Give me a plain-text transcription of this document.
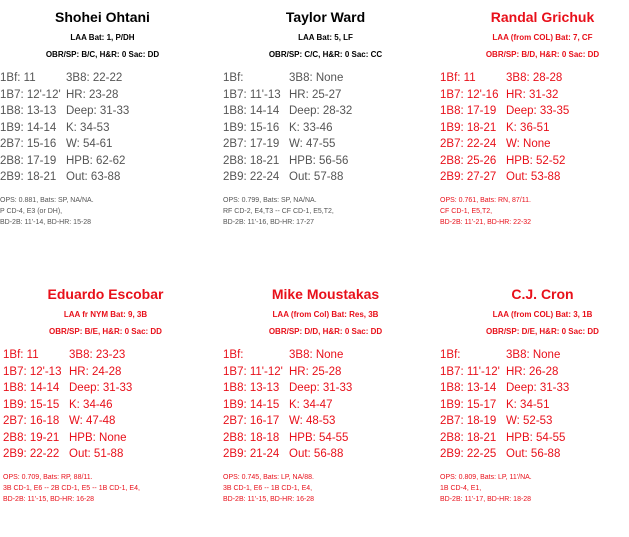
Shohei Ohtani
LAA Bat: 1, P/DH
OBR/SP: B/C, H&R: 0 Sac: DD
1Bf: 11	3B8: 22-22
1B7: 12'-12' HR: 23-28
1B8: 13-13 Deep: 31-33
1B9: 14-14 K: 34-53
2B7: 15-16 W: 54-61
2B8: 17-19 HPB: 62-62
2B9: 18-21 Out: 63-88
OPS: 0.881, Bats: SP, NA/NA.
P CD-4, E3 (or DH),
BD-2B: 11'-14, BD-HR: 15-28
Taylor Ward
LAA Bat: 5, LF
OBR/SP: C/C, H&R: 0 Sac: CC
1Bf:	3B8: None
1B7: 11'-13 HR: 25-27
1B8: 14-14 Deep: 28-32
1B9: 15-16 K: 33-46
2B7: 17-19 W: 47-55
2B8: 18-21 HPB: 56-56
2B9: 22-24 Out: 57-88
OPS: 0.799, Bats: SP, NA/NA.
RF CD-2, E4,T3 -- CF CD-1, E5,T2,
BD-2B: 11'-16, BD-HR: 17-27
Randal Grichuk
LAA (from COL) Bat: 7, CF
OBR/SP: B/D, H&R: 0 Sac: DD
1Bf: 11	3B8: 28-28
1B7: 12'-16 HR: 31-32
1B8: 17-19 Deep: 33-35
1B9: 18-21 K: 36-51
2B7: 22-24 W: None
2B8: 25-26 HPB: 52-52
2B9: 27-27 Out: 53-88
OPS: 0.761, Bats: RN, 87/11.
CF CD-1, E5,T2,
BD-2B: 11'-21, BD-HR: 22-32
Eduardo Escobar
LAA fr NYM Bat: 9, 3B
OBR/SP: B/E, H&R: 0 Sac: DD
1Bf: 11	3B8: 23-23
1B7: 12'-13 HR: 24-28
1B8: 14-14 Deep: 31-33
1B9: 15-15 K: 34-46
2B7: 16-18 W: 47-48
2B8: 19-21 HPB: None
2B9: 22-22 Out: 51-88
OPS: 0.709, Bats: RP, 88/11.
3B CD-1, E6 -- 2B CD-1, E5 -- 1B CD-1, E4,
BD-2B: 11'-15, BD-HR: 16-28
Mike Moustakas
LAA (from Col) Bat: Res, 3B
OBR/SP: D/D, H&R: 0 Sac: DD
1Bf:	3B8: None
1B7: 11'-12' HR: 25-28
1B8: 13-13 Deep: 31-33
1B9: 14-15 K: 34-47
2B7: 16-17 W: 48-53
2B8: 18-18 HPB: 54-55
2B9: 21-24 Out: 56-88
OPS: 0.745, Bats: LP, NA/88.
3B CD-1, E6 -- 1B CD-1, E4,
BD-2B: 11'-15, BD-HR: 16-28
C.J. Cron
LAA (from COL) Bat: 3, 1B
OBR/SP: D/E, H&R: 0 Sac: DD
1Bf:	3B8: None
1B7: 11'-12' HR: 26-28
1B8: 13-14 Deep: 31-33
1B9: 15-17 K: 34-51
2B7: 18-19 W: 52-53
2B8: 18-21 HPB: 54-55
2B9: 22-25 Out: 56-88
OPS: 0.809, Bats: LP, 11'/NA.
1B CD-4, E1,
BD-2B: 11'-17, BD-HR: 18-28
